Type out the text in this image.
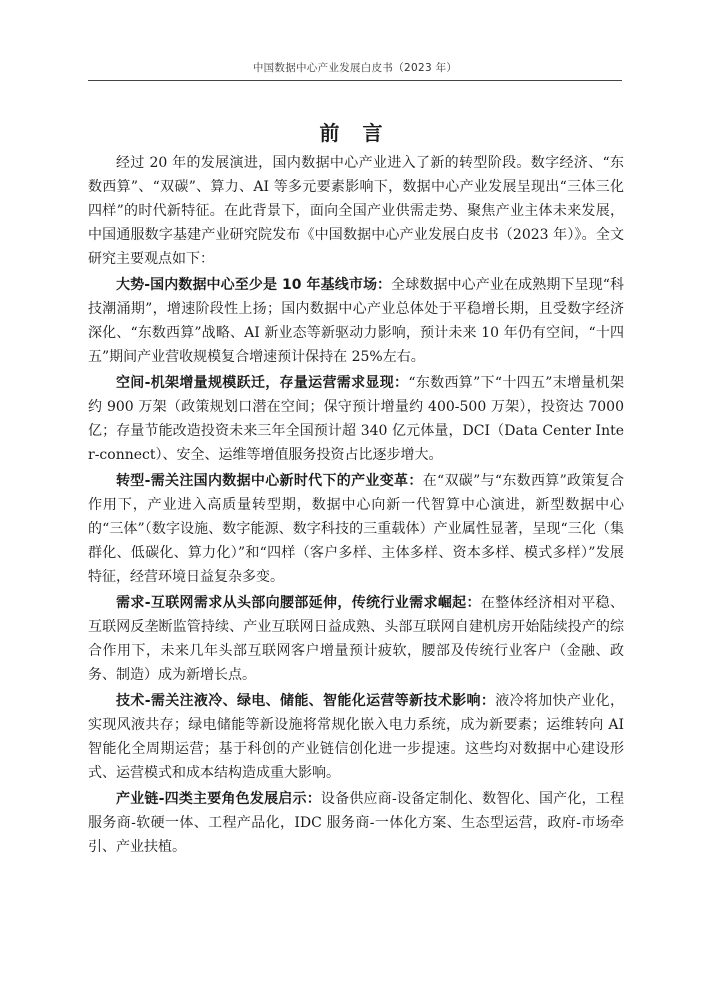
中国数据中心产业发展白皮书（2023 年）
前 言

经过 20 年的发展演进，国内数据中心产业进入了新的转型阶段。数字经济、“东数西算”、“双碳”、算力、AI 等多元要素影响下，数据中心产业发展呈现出“三体三化四样”的时代新特征。在此背景下，面向全国产业供需走势、聚焦产业主体未来发展，中国通服数字基建产业研究院发布《中国数据中心产业发展白皮书（2023 年）》。全文研究主要观点如下：

大势-国内数据中心至少是 10 年基线市场：全球数据中心产业在成熟期下呈现“科技潮涌期”，增速阶段性上扬；国内数据中心产业总体处于平稳增长期，且受数字经济深化、“东数西算”战略、AI 新业态等新驱动力影响，预计未来 10 年仍有空间，“十四五”期间产业营收规模复合增速预计保持在 25%左右。

空间-机架增量规模跃迁，存量运营需求显现：“东数西算”下“十四五”末增量机架约 900 万架（政策规划口潜在空间；保守预计增量约 400-500 万架），投资达 7000 亿；存量节能改造投资未来三年全国预计超 340 亿元体量，DCI（Data Center Inter-connect）、安全、运维等增值服务投资占比逐步增大。

转型-需关注国内数据中心新时代下的产业变革：在“双碳”与“东数西算”政策复合作用下，产业进入高质量转型期，数据中心向新一代智算中心演进，新型数据中心的“三体”（数字设施、数字能源、数字科技的三重载体）产业属性显著，呈现“三化（集群化、低碳化、算力化）”和“四样（客户多样、主体多样、资本多样、模式多样）”发展特征，经营环境日益复杂多变。

需求-互联网需求从头部向腰部延伸，传统行业需求崛起：在整体经济相对平稳、互联网反垄断监管持续、产业互联网日益成熟、头部互联网自建机房开始陆续投产的综合作用下，未来几年头部互联网客户增量预计疲软，腰部及传统行业客户（金融、政务、制造）成为新增长点。

技术-需关注液冷、绿电、储能、智能化运营等新技术影响：液冷将加快产业化，实现风液共存；绿电储能等新设施将常规化嵌入电力系统，成为新要素；运维转向 AI 智能化全周期运营；基于科创的产业链信创化进一步提速。这些均对数据中心建设形式、运营模式和成本结构造成重大影响。

产业链-四类主要角色发展启示：设备供应商-设备定制化、数智化、国产化，工程服务商-软硬一体、工程产品化，IDC 服务商-一体化方案、生态型运营，政府-市场牵引、产业扶植。
